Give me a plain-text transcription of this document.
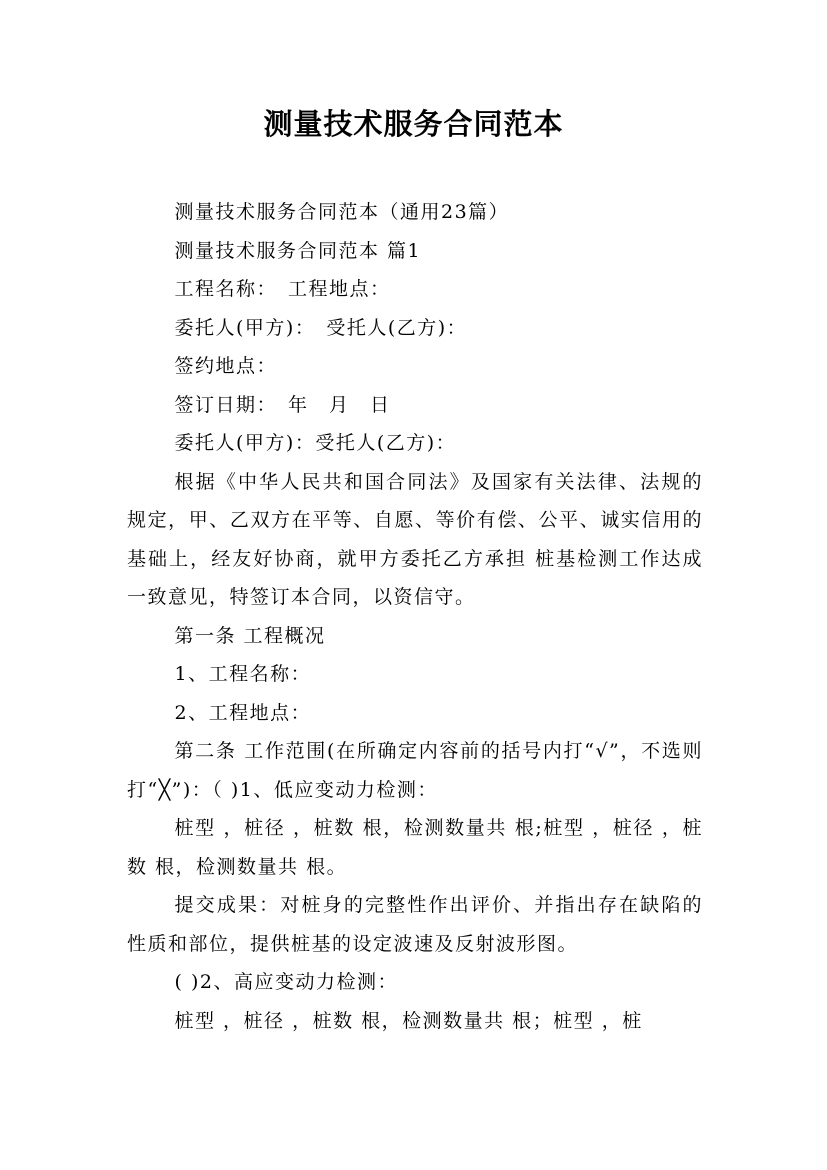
测量技术服务合同范本

测量技术服务合同范本（通用23篇）

测量技术服务合同范本 篇1

工程名称：　工程地点：

委托人(甲方)：　受托人(乙方)：

签约地点：

签订日期：　年　月　日

委托人(甲方)：受托人(乙方)：

根据《中华人民共和国合同法》及国家有关法律、法规的规定，甲、乙双方在平等、自愿、等价有偿、公平、诚实信用的基础上，经友好协商，就甲方委托乙方承担 桩基检测工作达成一致意见，特签订本合同，以资信守。

第一条 工程概况

1、工程名称：

2、工程地点：

第二条 工作范围(在所确定内容前的括号内打“√”，不选则打“╳”)：（ )1、低应变动力检测：

桩型 ，桩径 ，桩数 根，检测数量共 根;桩型 ，桩径 ，桩数 根，检测数量共 根。

提交成果：对桩身的完整性作出评价、并指出存在缺陷的性质和部位，提供桩基的设定波速及反射波形图。

( )2、高应变动力检测：

桩型 ，桩径 ，桩数 根，检测数量共 根；桩型 ，桩
